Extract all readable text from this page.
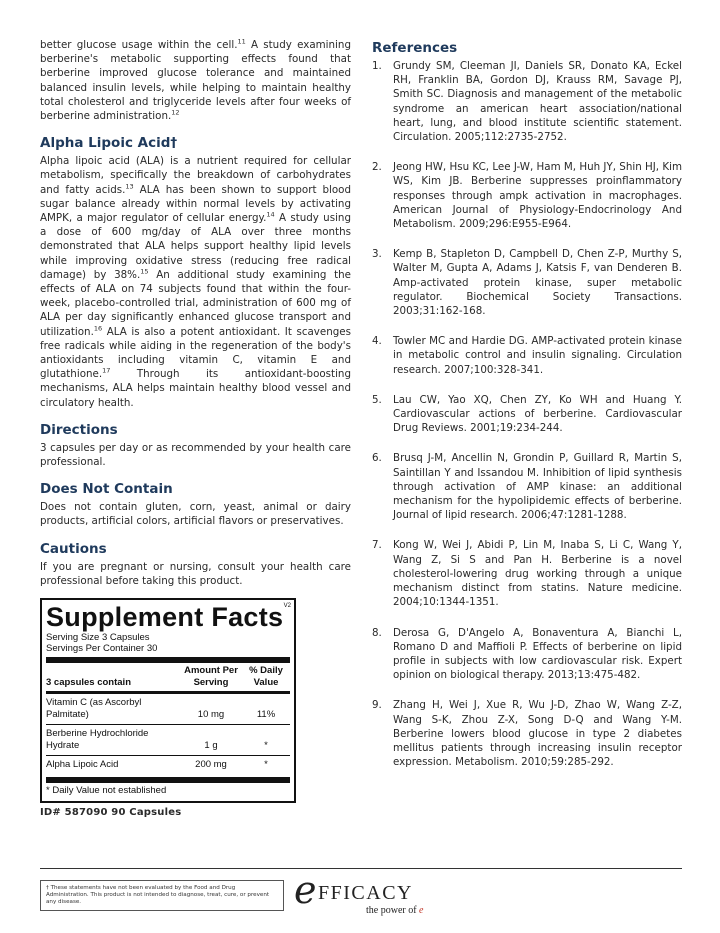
better glucose usage within the cell.$^{11}$ A study examining berberine's metabolic supporting effects found that berberine improved glucose tolerance and maintained balanced insulin levels, while helping to maintain healthy total cholesterol and triglyceride levels after four weeks of berberine administration.$^{12}$

Alpha Lipoic Acid†

Alpha lipoic acid (ALA) is a nutrient required for cellular metabolism, specifically the breakdown of carbohydrates and fatty acids.$^{13}$ ALA has been shown to support blood sugar balance already within normal levels by activating AMPK, a major regulator of cellular energy.$^{14}$ A study using a dose of 600 mg/day of ALA over three months demonstrated that ALA helps support healthy lipid levels while improving oxidative stress (reducing free radical damage) by 38%.$^{15}$ An additional study examining the effects of ALA on 74 subjects found that within the four-week, placebo-controlled trial, administration of 600 mg of ALA per day significantly enhanced glucose transport and utilization.$^{16}$ ALA is also a potent antioxidant. It scavenges free radicals while aiding in the regeneration of the body's antioxidants including vitamin C, vitamin E and glutathione.$^{17}$ Through its antioxidant-boosting mechanisms, ALA helps maintain healthy blood vessel and circulatory health.

Directions

3 capsules per day or as recommended by your health care professional.

Does Not Contain

Does not contain gluten, corn, yeast, animal or dairy products, artificial colors, artificial flavors or preservatives.

Cautions

If you are pregnant or nursing, consult your health care professional before taking this product.

V2
Supplement Facts
Serving Size 3 Capsules
Servings Per Container 30
3 capsules contain
Amount Per Serving
% Daily Value
Vitamin C (as Ascorbyl Palmitate)	10 mg	11%
Berberine Hydrochloride Hydrate	1 g	*
Alpha Lipoic Acid	200 mg	*
* Daily Value not established
ID# 587090 90 Capsules
References
1.	Grundy SM, Cleeman JI, Daniels SR, Donato KA, Eckel RH, Franklin BA, Gordon DJ, Krauss RM, Savage PJ, Smith SC. Diagnosis and management of the metabolic syndrome an american heart association/national heart, lung, and blood institute scientific statement. Circulation. 2005;112:2735-2752.
2.	Jeong HW, Hsu KC, Lee J-W, Ham M, Huh JY, Shin HJ, Kim WS, Kim JB. Berberine suppresses proinflammatory responses through ampk activation in macrophages. American Journal of Physiology-Endocrinology And Metabolism. 2009;296:E955-E964.
3.	Kemp B, Stapleton D, Campbell D, Chen Z-P, Murthy S, Walter M, Gupta A, Adams J, Katsis F, van Denderen B. Amp-activated protein kinase, super metabolic regulator. Biochemical Society Transactions. 2003;31:162-168.
4.	Towler MC and Hardie DG. AMP-activated protein kinase in metabolic control and insulin signaling. Circulation research. 2007;100:328-341.
5.	Lau CW, Yao XQ, Chen ZY, Ko WH and Huang Y. Cardiovascular actions of berberine. Cardiovascular Drug Reviews. 2001;19:234-244.
6.	Brusq J-M, Ancellin N, Grondin P, Guillard R, Martin S, Saintillan Y and Issandou M. Inhibition of lipid synthesis through activation of AMP kinase: an additional mechanism for the hypolipidemic effects of berberine. Journal of lipid research. 2006;47:1281-1288.
7.	Kong W, Wei J, Abidi P, Lin M, Inaba S, Li C, Wang Y, Wang Z, Si S and Pan H. Berberine is a novel cholesterol-lowering drug working through a unique mechanism distinct from statins. Nature medicine. 2004;10:1344-1351.
8.	Derosa G, D'Angelo A, Bonaventura A, Bianchi L, Romano D and Maffioli P. Effects of berberine on lipid profile in subjects with low cardiovascular risk. Expert opinion on biological therapy. 2013;13:475-482.
9.	Zhang H, Wei J, Xue R, Wu J-D, Zhao W, Wang Z-Z, Wang S-K, Zhou Z-X, Song D-Q and Wang Y-M. Berberine lowers blood glucose in type 2 diabetes mellitus patients through increasing insulin receptor expression. Metabolism. 2010;59:285-292.
† These statements have not been evaluated by the Food and Drug Administration. This product is not intended to diagnose, treat, cure, or prevent any disease.	e FFICACY
the power of e
